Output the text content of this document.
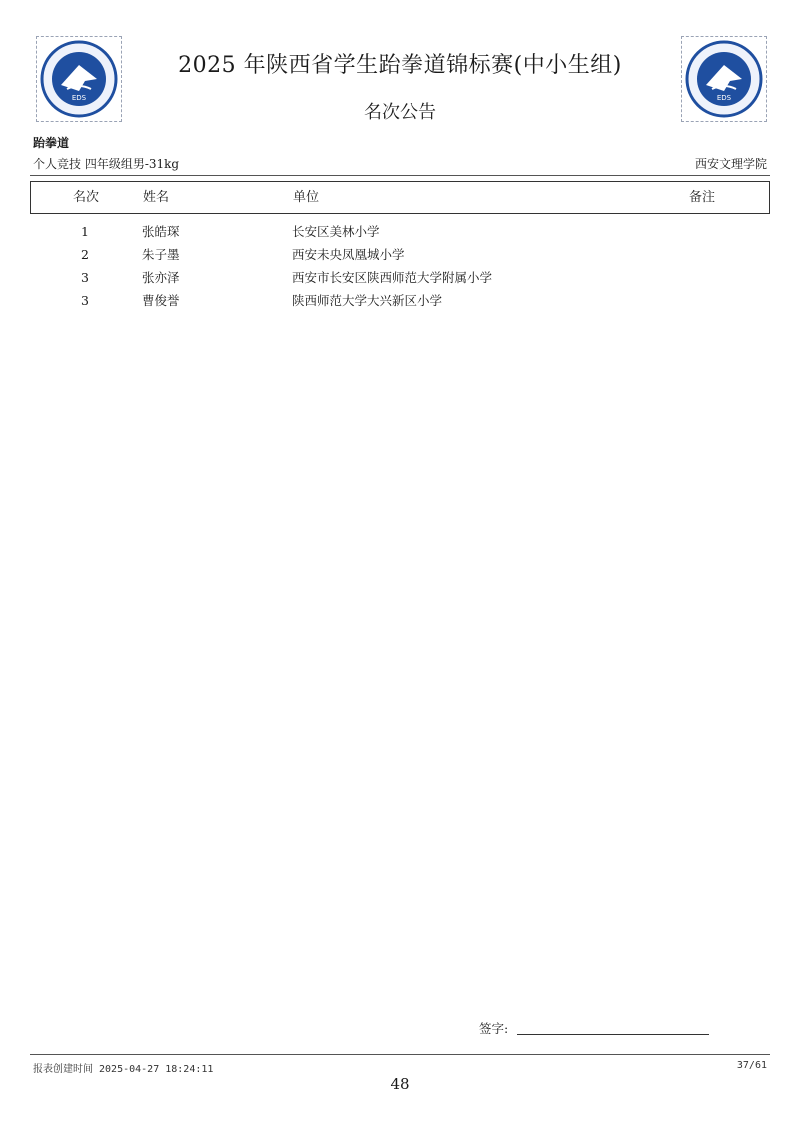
EDS	EDS
2025 年陕西省学生跆拳道锦标赛(中小生组)
名次公告
跆拳道
个人竞技 四年级组男-31kg	西安文理学院
名次	姓名	单位	备注
1	张皓琛	长安区美林小学
2	朱子墨	西安未央凤凰城小学
3	张亦泽	西安市长安区陕西师范大学附属小学
3	曹俊誉	陕西师范大学大兴新区小学
签字:
报表创建时间 2025-04-27 18:24:11	37/61
48
